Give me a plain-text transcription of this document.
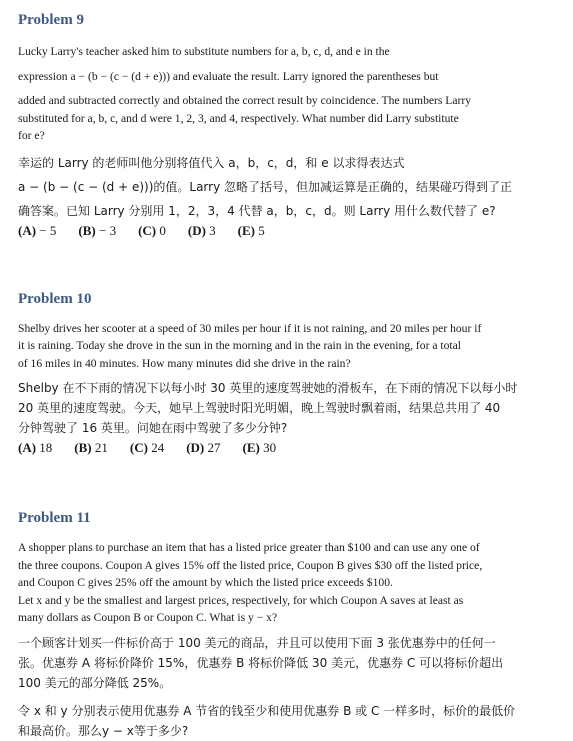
Problem 9

Lucky Larry's teacher asked him to substitute numbers for a, b, c, d, and e in the

expression a − (b − (c − (d + e))) and evaluate the result. Larry ignored the parentheses but

added and subtracted correctly and obtained the correct result by coincidence. The numbers Larry

substituted for a, b, c, and d were 1, 2, 3, and 4, respectively. What number did Larry substitute

for e?

幸运的 Larry 的老师叫他分别将值代入 a，b，c，d，和 e 以求得表达式

a − (b − (c − (d + e)))的值。Larry 忽略了括号，但加减运算是正确的，结果碰巧得到了正

确答案。已知 Larry 分别用 1，2，3，4 代替 a，b，c，d。则 Larry 用什么数代替了 e?

(A) − 5 (B) − 3 (C) 0 (D) 3 (E) 5
Problem 10

Shelby drives her scooter at a speed of 30 miles per hour if it is not raining, and 20 miles per hour if

it is raining. Today she drove in the sun in the morning and in the rain in the evening, for a total

of 16 miles in 40 minutes. How many minutes did she drive in the rain?

Shelby 在不下雨的情况下以每小时 30 英里的速度驾驶她的滑板车，在下雨的情况下以每小时

20 英里的速度驾驶。今天，她早上驾驶时阳光明媚，晚上驾驶时飘着雨，结果总共用了 40

分钟驾驶了 16 英里。问她在雨中驾驶了多少分钟?

(A) 18 (B) 21 (C) 24 (D) 27 (E) 30
Problem 11

A shopper plans to purchase an item that has a listed price greater than $100 and can use any one of

the three coupons. Coupon A gives 15% off the listed price, Coupon B gives $30 off the listed price,

and Coupon C gives 25% off the amount by which the listed price exceeds $100.

Let x and y be the smallest and largest prices, respectively, for which Coupon A saves at least as

many dollars as Coupon B or Coupon C. What is y − x?

一个顾客计划买一件标价高于 100 美元的商品，并且可以使用下面 3 张优惠券中的任何一

张。优惠券 A 将标价降价 15%，优惠券 B 将标价降低 30 美元，优惠券 C 可以将标价超出

100 美元的部分降低 25%。

令 x 和 y 分别表示使用优惠券 A 节省的钱至少和使用优惠券 B 或 C 一样多时，标价的最低价

和最高价。那么y − x等于多少?
